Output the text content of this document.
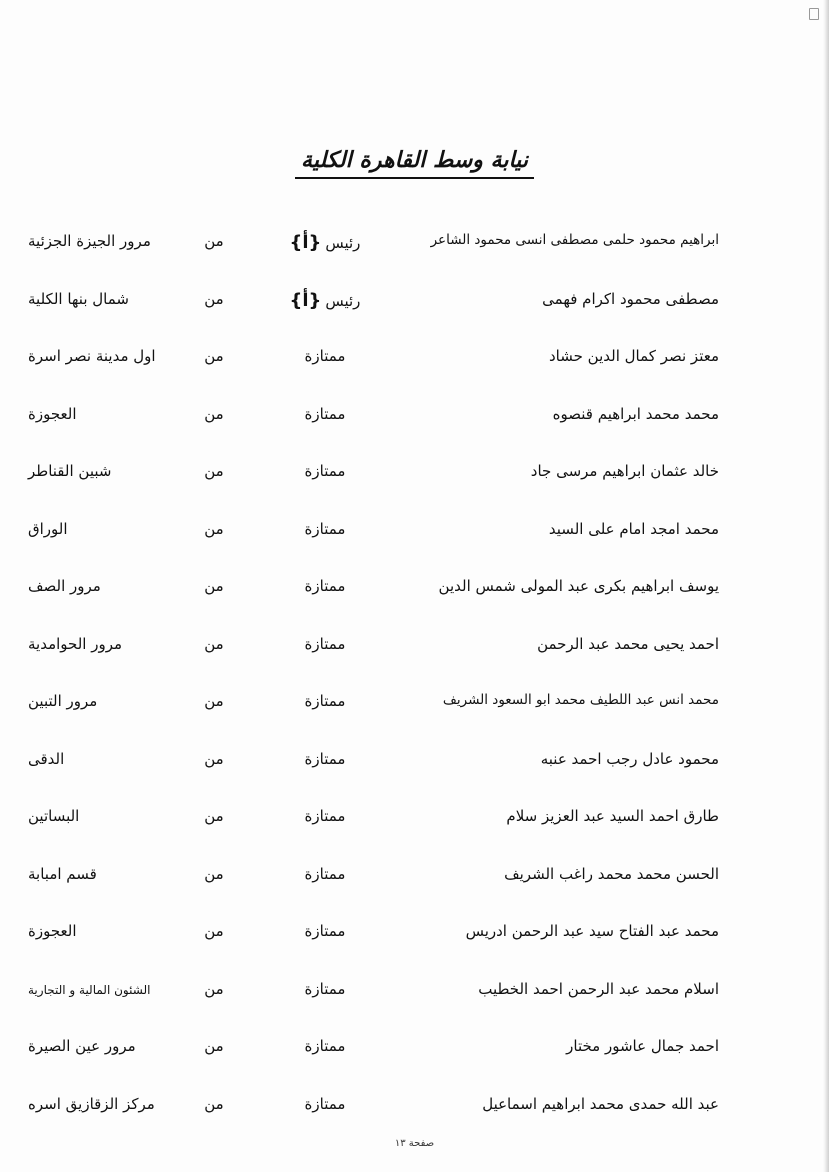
نيابة وسط القاهرة الكلية
ابراهيم محمود حلمى مصطفى انسى محمود الشاعر
رئيس{أ}
من
مرور الجيزة الجزئية
مصطفى محمود اكرام فهمى
رئيس{أ}
من
شمال بنها الكلية
معتز نصر كمال الدين حشاد
ممتازة
من
اول مدينة نصر اسرة
محمد محمد ابراهيم قنصوه
ممتازة
من
العجوزة
خالد عثمان ابراهيم مرسى جاد
ممتازة
من
شبين القناطر
محمد امجد امام على السيد
ممتازة
من
الوراق
يوسف ابراهيم بكرى عبد المولى شمس الدين
ممتازة
من
مرور الصف
احمد يحيى محمد عبد الرحمن
ممتازة
من
مرور الحوامدية
محمد انس عبد اللطيف محمد ابو السعود الشريف
ممتازة
من
مرور التبين
محمود عادل رجب احمد عنبه
ممتازة
من
الدقى
طارق احمد السيد عبد العزيز سلام
ممتازة
من
البساتين
الحسن محمد محمد راغب الشريف
ممتازة
من
قسم امبابة
محمد عبد الفتاح سيد عبد الرحمن ادريس
ممتازة
من
العجوزة
اسلام محمد عبد الرحمن احمد الخطيب
ممتازة
من
الشئون المالية و التجارية
احمد جمال عاشور مختار
ممتازة
من
مرور عين الصيرة
عبد الله حمدى محمد ابراهيم اسماعيل
ممتازة
من
مركز الزقازيق اسره
صفحة ١٣
